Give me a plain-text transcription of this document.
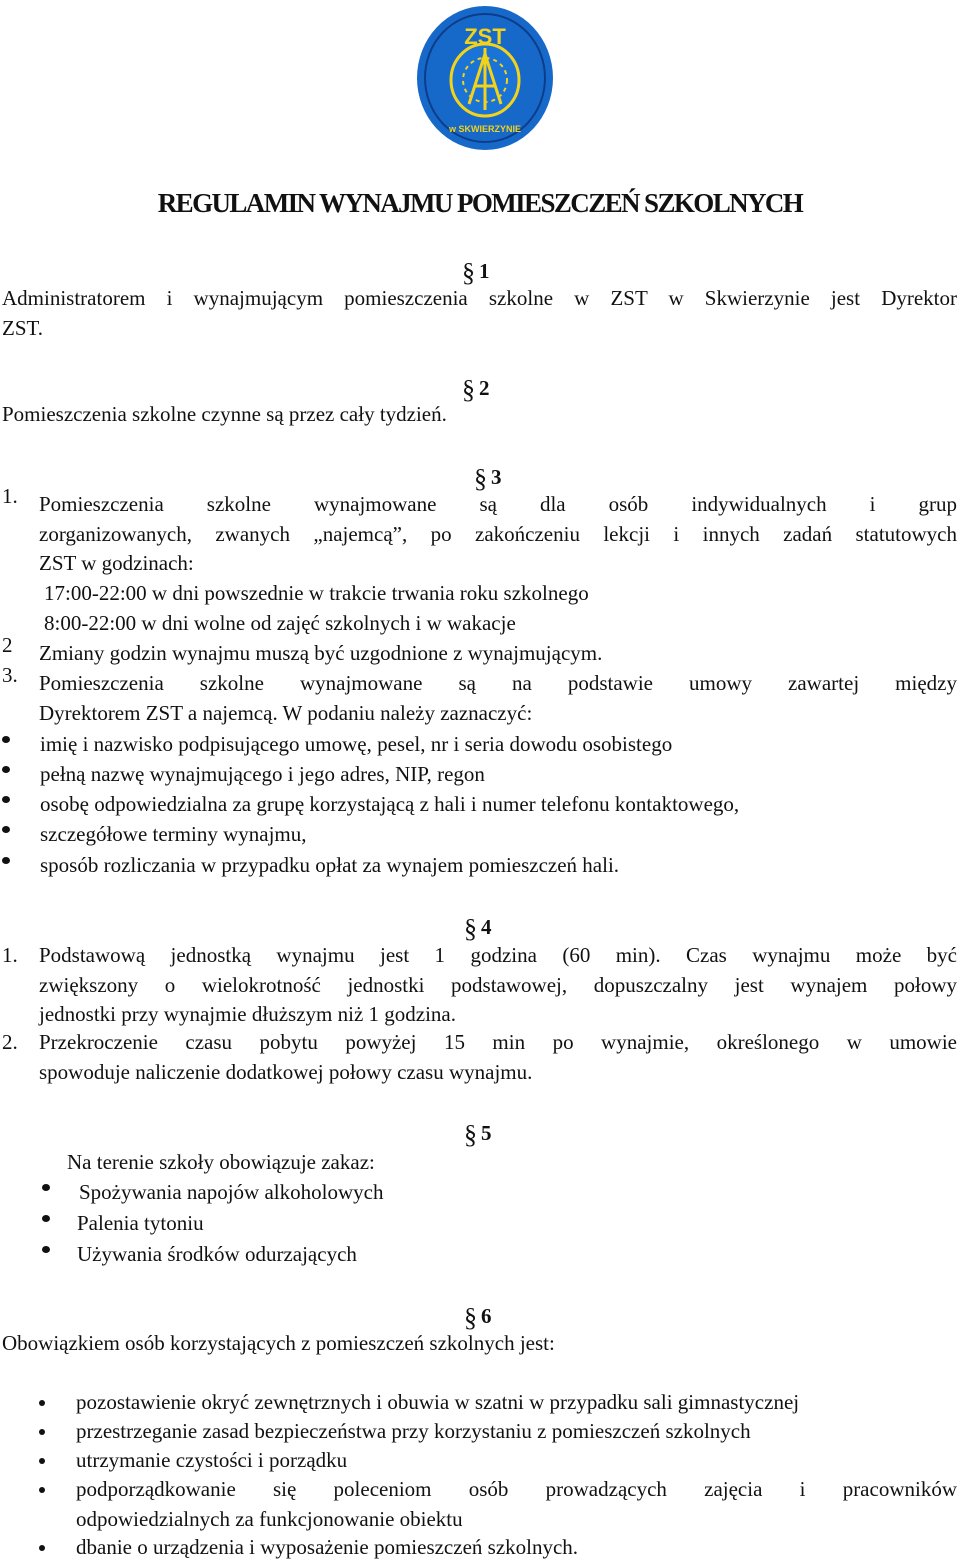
ZST
w SKWIERZYNIE
REGULAMIN WYNAJMU POMIESZCZEŃ SZKOLNYCH
§ 1
Administratorem i wynajmującym pomieszczenia szkolne w ZST w Skwierzynie jest Dyrektor
ZST.
§ 2
Pomieszczenia szkolne czynne są przez cały tydzień.
§ 3
1. Pomieszczenia szkolne wynajmowane są dla osób indywidualnych i grup
zorganizowanych, zwanych „najemcą”, po zakończeniu lekcji i innych zadań statutowych
ZST w godzinach:
17:00-22:00 w dni powszednie w trakcie trwania roku szkolnego
8:00-22:00 w dni wolne od zajęć szkolnych i w wakacje
2 Zmiany godzin wynajmu muszą być uzgodnione z wynajmującym.
3. Pomieszczenia szkolne wynajmowane są na podstawie umowy zawartej między
Dyrektorem ZST a najemcą. W podaniu należy zaznaczyć:
imię i nazwisko podpisującego umowę, pesel, nr i seria dowodu osobistego
pełną nazwę wynajmującego i jego adres, NIP, regon
osobę odpowiedzialna za grupę korzystającą z hali i numer telefonu kontaktowego,
szczegółowe terminy wynajmu,
sposób rozliczania w przypadku opłat za wynajem pomieszczeń hali.
§ 4
1. Podstawową jednostką wynajmu jest 1 godzina (60 min). Czas wynajmu może być
zwiększony o wielokrotność jednostki podstawowej, dopuszczalny jest wynajem połowy
jednostki przy wynajmie dłuższym niż 1 godzina.
2. Przekroczenie czasu pobytu powyżej 15 min po wynajmie, określonego w umowie
spowoduje naliczenie dodatkowej połowy czasu wynajmu.
§ 5
Na terenie szkoły obowiązuje zakaz:
Spożywania napojów alkoholowych
Palenia tytoniu
Używania środków odurzających
§ 6
Obowiązkiem osób korzystających z pomieszczeń szkolnych jest:
pozostawienie okryć zewnętrznych i obuwia w szatni w przypadku sali gimnastycznej
przestrzeganie zasad bezpieczeństwa przy korzystaniu z pomieszczeń szkolnych
utrzymanie czystości i porządku
podporządkowanie się poleceniom osób prowadzących zajęcia i pracowników
odpowiedzialnych za funkcjonowanie obiektu
dbanie o urządzenia i wyposażenie pomieszczeń szkolnych.
